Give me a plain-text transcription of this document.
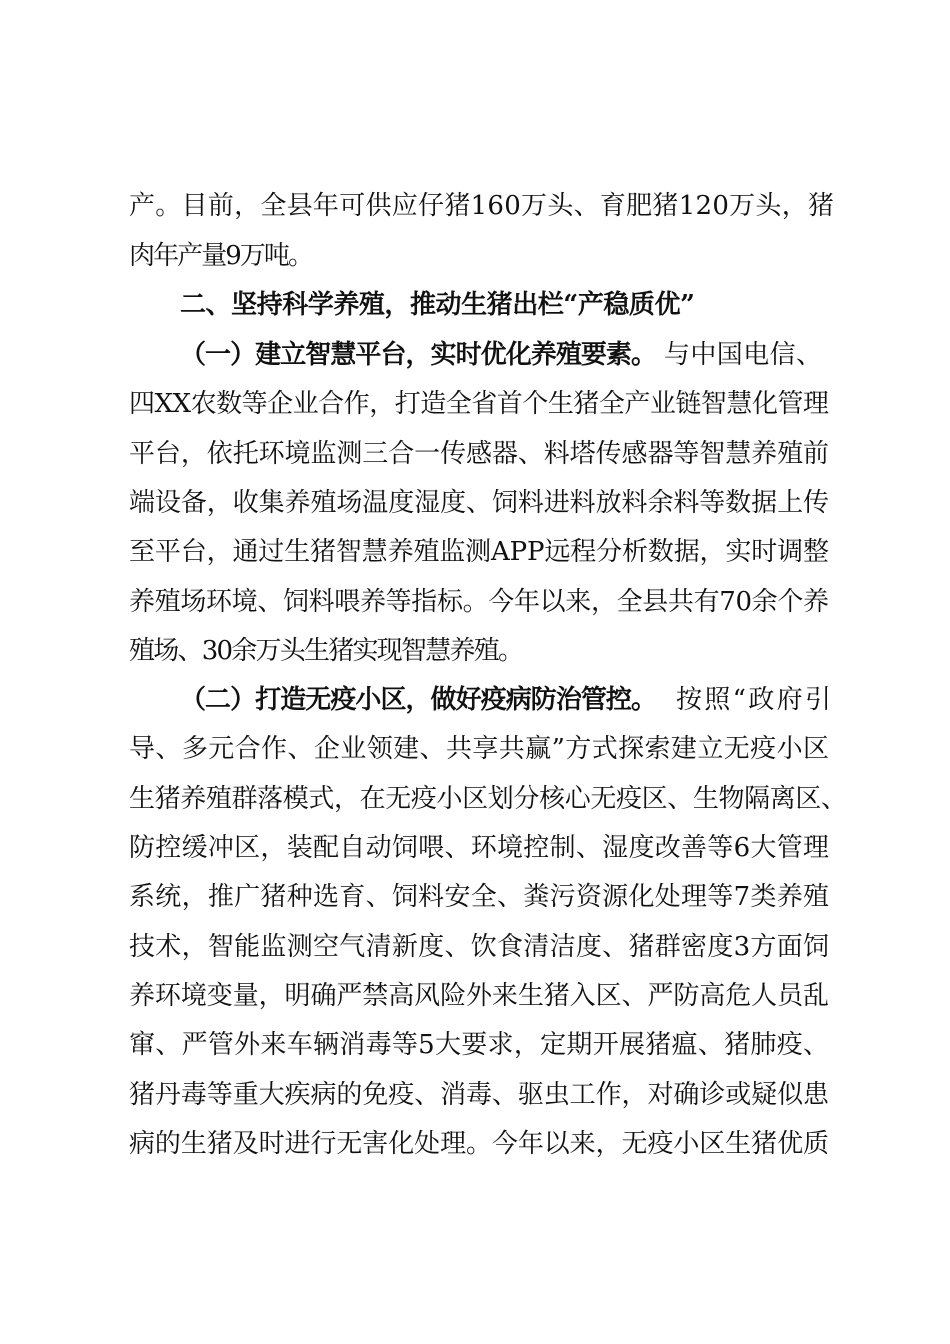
产。目前，全县年可供应仔猪160万头、育肥猪120万头，猪
肉年产量9万吨。
二、坚持科学养殖，推动生猪出栏“产稳质优”
（一）建立智慧平台，实时优化养殖要素。 与中国电信、
四XX农数等企业合作，打造全省首个生猪全产业链智慧化管理
平台，依托环境监测三合一传感器、料塔传感器等智慧养殖前
端设备，收集养殖场温度湿度、饲料进料放料余料等数据上传
至平台，通过生猪智慧养殖监测APP远程分析数据，实时调整
养殖场环境、饲料喂养等指标。今年以来，全县共有70余个养
殖场、30余万头生猪实现智慧养殖。
（二）打造无疫小区，做好疫病防治管控。 按照“政府引
导、多元合作、企业领建、共享共赢”方式探索建立无疫小区
生猪养殖群落模式，在无疫小区划分核心无疫区、生物隔离区、
防控缓冲区，装配自动饲喂、环境控制、湿度改善等6大管理
系统，推广猪种选育、饲料安全、粪污资源化处理等7类养殖
技术，智能监测空气清新度、饮食清洁度、猪群密度3方面饲
养环境变量，明确严禁高风险外来生猪入区、严防高危人员乱
窜、严管外来车辆消毒等5大要求，定期开展猪瘟、猪肺疫、
猪丹毒等重大疾病的免疫、消毒、驱虫工作，对确诊或疑似患
病的生猪及时进行无害化处理。今年以来，无疫小区生猪优质
